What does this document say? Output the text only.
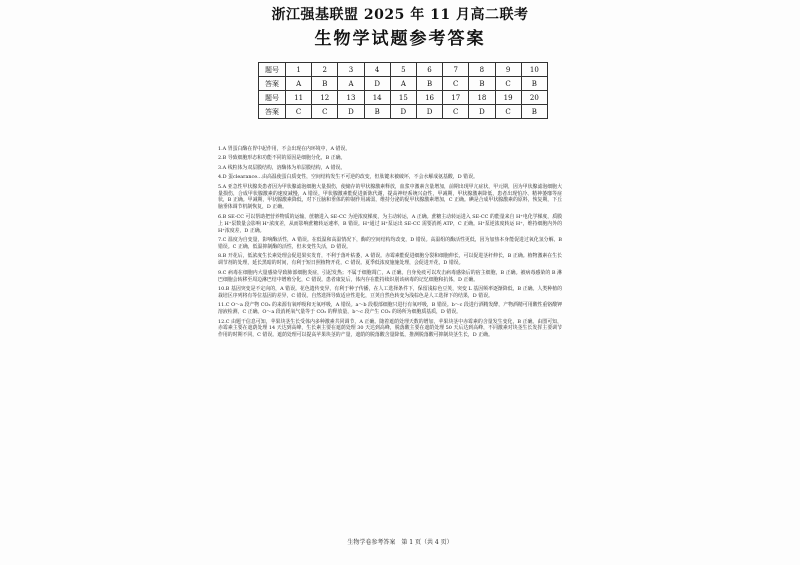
浙江强基联盟 2025 年 11 月高二联考
生物学试题参考答案
题号	1	2	3	4	5	6	7	8	9	10
答案	A	B	A	D	A	B	C	B	C	B
题号	11	12	13	14	15	16	17	18	19	20
答案	C	C	D	B	D	D	C	D	C	B

1.A 胃蛋白酶在胃中起作用，不会出现在内环境中，A 错误。

2.B 导致细胞形态和功能不同的原因是细胞分化，B 正确。

3.A 线粒体为双层膜结构，溶酶体为单层膜结构，A 错误。

4.D 蛋clearance…由高温使蛋白质变性，空间结构发生不可逆的改变，但肽键未被破坏，不会水解成氨基酸，D 错误。

5.A 亚急性甲状腺炎患者因为甲状腺滤泡细胞大量损伤，使储存的甲状腺激素释放，血浆中激素含量增加，前期出现甲亢症状，甲元期，因为甲状腺滤泡细胞大量损伤，合成甲状腺激素的速度减慢，A 错误。甲状腺激素能促进新陈代谢，提高神经系统兴奋性，甲减期，甲状腺激素降低，患者出现怕冷、精神萎靡等症状，B 正确。甲减期，甲状腺激素降低，对下丘脑和垂体的抑制作用减弱，维持分泌的促甲状腺激素增加，C 正确。碘是合成甲状腺激素的原料，恢复期，下丘脑垂体调节机制恢复，D 正确。

6.B SE-CC 可以帮助把营养物质的运输，蔗糖进入 SE-CC 为逆浓度梯度，为主动转运，A 正确。蔗糖主动转运进入 SE-CC 的能量来自 H⁺电化学梯度，质膜上 H⁺泵数量会影响 H⁺浓度差，从而影响蔗糖转运速率，B 错误。H⁺通过 H⁺泵运出 SE-CC 需要消耗 ATP，C 正确。H⁺泵逆浓度转运 H⁺，维持细胞内外的 H⁺浓度差，D 正确。

7.C 温度为自变量，影响酶活性，A 错误。在低温和高温情况下，酶的空间结构均改变，D 错误。高温组的酶活性更低，因为加热本身能促进过氧化氢分解，B 错误。C 正确，低温抑制酶的活性，但未变性失活，D 错误。

8.B 开花后，低浓度生长素处理会促进果实发育，不利于落叶枯萎，A 错误。赤霉素能促进细胞分裂和细胞伸长，可以促进茎秆伸长，B 正确。植物激素在生长调节剂的处理，延长黑暗的时间，有利于短日照植物开花，C 错误。夏季低浓度施施处理，会促进开花，D 错误。

9.C 病毒在细胞内大量感染导致肺部细胞炎症，引起发热；不属于细胞凋亡，A 正确。自身免疫可以攻击病毒感染后的宿主细胞，B 正确。被病毒感染的 B 淋巴细胞会转移至周边淋巴结中增殖分化，C 错误。患者康复后，体内存在能持续识别该病毒的记忆细胞和抗体，D 正确。

10.B 基因突变是不定向的，A 错误。花色遗传变异，有利于种子传播，在人工选择条件下，保留浅棕色豆荚，突变 L 基因频率逐渐降低，B 正确。人类种植的栽培区序列将有等位基因的差异，C 错误。自然选择导致适应性进化，豆荚自然色转变为浅棕色是人工选择下的结果，D 错误。

11.C O～a 段产物 CO₂ 的来源有氧呼吸和无氧呼吸，A 错误。a～b 段根部细胞只进行有氧呼吸，B 错误。b～c 段进行酒精发酵，产物酒精可用酸性重铬酸钾溶液检测，C 正确。O～a 段消耗氧气量等于 CO₂ 的释放量，b～c 段产生 CO₂ 的场所为细胞质基质，D 错误。

12.C 由题干信息可知，苹果块茎生长受体内多种激素共同调节，A 正确。随着遮荫处理天数的增加，苹果块茎中赤霉素的含量发生变化，B 正确。由图可知，赤霉素主要在遮荫处理 14 天达到高峰，生长素主要在遮荫处理 30 天达到高峰，脱落酸主要在遮荫处理 50 天后达到高峰，不同激素对块茎生长发挥主要调节作用的时期不同，C 错误。遮荫处理可以提高苹果块茎的产量，遮荫的脱落酸含量降低，推测脱落酸可抑制块茎生长，D 正确。

生物学卷参考答案　第 1 页（共 4 页）
